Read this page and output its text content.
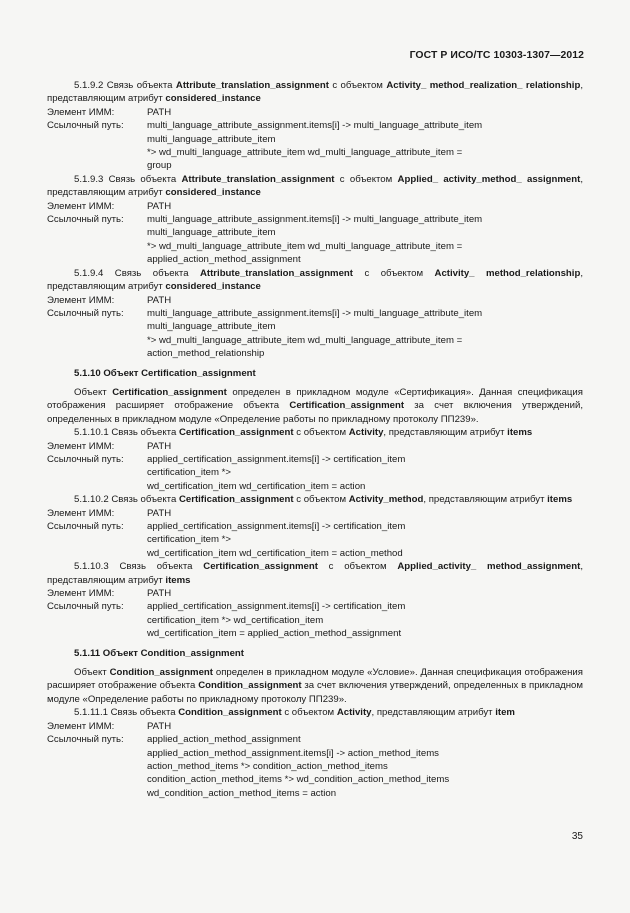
ГОСТ Р ИСО/ТС 10303-1307—2012

5.1.9.2 Связь объекта Attribute_translation_assignment с объектом Activity_ method_realization_ relationship, представляющим атрибут considered_instance

Элемент ИММ:	PATH
Ссылочный путь:	multi_language_attribute_assignment.items[i] -> multi_language_attribute_item
multi_language_attribute_item
*> wd_multi_language_attribute_item wd_multi_language_attribute_item =
group

5.1.9.3 Связь объекта Attribute_translation_assignment с объектом Applied_ activity_method_ assignment, представляющим атрибут considered_instance

Элемент ИММ:	PATH
Ссылочный путь:	multi_language_attribute_assignment.items[i] -> multi_language_attribute_item
multi_language_attribute_item
*> wd_multi_language_attribute_item wd_multi_language_attribute_item =
applied_action_method_assignment

5.1.9.4 Связь объекта Attribute_translation_assignment с объектом Activity_ method_relationship, представляющим атрибут considered_instance

Элемент ИММ:	PATH
Ссылочный путь:	multi_language_attribute_assignment.items[i] -> multi_language_attribute_item
multi_language_attribute_item
*> wd_multi_language_attribute_item wd_multi_language_attribute_item =
action_method_relationship

5.1.10 Объект Certification_assignment

Объект Certification_assignment определен в прикладном модуле «Сертификация». Данная спецификация отображения расширяет отображение объекта Certification_assignment за счет включения утверждений, определенных в прикладном модуле «Определение работы по прикладному протоколу ПП239».

5.1.10.1 Связь объекта Certification_assignment с объектом Activity, представляющим атрибут items

Элемент ИММ:	PATH
Ссылочный путь:	applied_certification_assignment.items[i] -> certification_item
certification_item *>
wd_certification_item wd_certification_item = action

5.1.10.2 Связь объекта Certification_assignment с объектом Activity_method, представляющим атрибут items

Элемент ИММ:	PATH
Ссылочный путь:	applied_certification_assignment.items[i] -> certification_item
certification_item *>
wd_certification_item wd_certification_item = action_method

5.1.10.3 Связь объекта Certification_assignment с объектом Applied_activity_ method_assignment, представляющим атрибут items

Элемент ИММ:	PATH
Ссылочный путь:	applied_certification_assignment.items[i] -> certification_item
certification_item *> wd_certification_item
wd_certification_item = applied_action_method_assignment

5.1.11 Объект Condition_assignment

Объект Condition_assignment определен в прикладном модуле «Условие». Данная спецификация отображения расширяет отображение объекта Condition_assignment за счет включения утверждений, определенных в прикладном модуле «Определение работы по прикладному протоколу ПП239».

5.1.11.1 Связь объекта Condition_assignment с объектом Activity, представляющим атрибут item

Элемент ИММ:	PATH
Ссылочный путь:	applied_action_method_assignment
applied_action_method_assignment.items[i] -> action_method_items
action_method_items *> condition_action_method_items
condition_action_method_items *> wd_condition_action_method_items
wd_condition_action_method_items = action
35
